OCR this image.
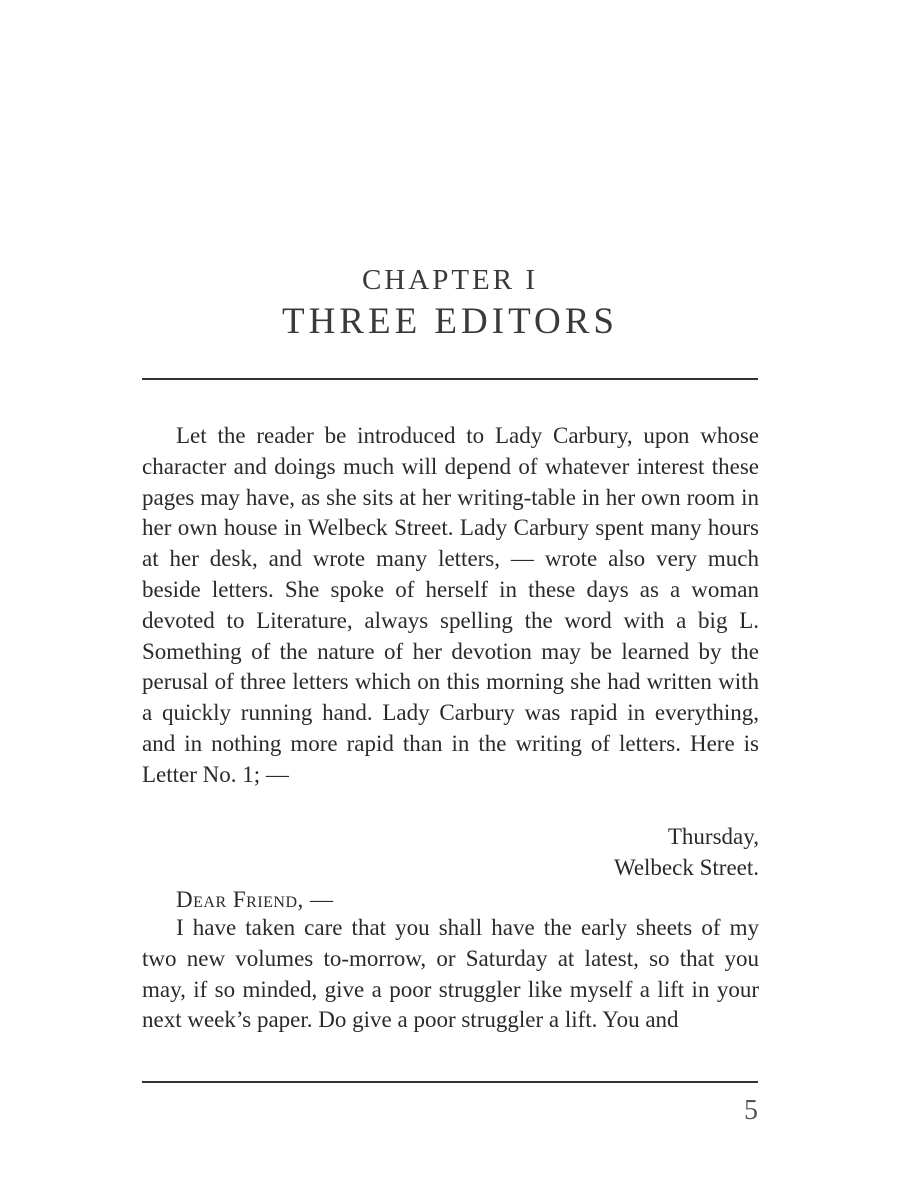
CHAPTER I
THREE EDITORS

Let the reader be introduced to Lady Carbury, upon whose character and doings much will depend of whatever interest these pages may have, as she sits at her writing-table in her own room in her own house in Welbeck Street. Lady Carbury spent many hours at her desk, and wrote many letters, — wrote also very much beside letters. She spoke of herself in these days as a woman devoted to Literature, always spelling the word with a big L. Something of the nature of her devotion may be learned by the perusal of three letters which on this morning she had written with a quickly running hand. Lady Carbury was rapid in everything, and in nothing more rapid than in the writing of letters. Here is Letter No. 1; —

Thursday,
Welbeck Street.
Dear Friend, —

I have taken care that you shall have the early sheets of my two new volumes to-morrow, or Saturday at latest, so that you may, if so minded, give a poor struggler like myself a lift in your next week’s paper. Do give a poor struggler a lift. You and

5
